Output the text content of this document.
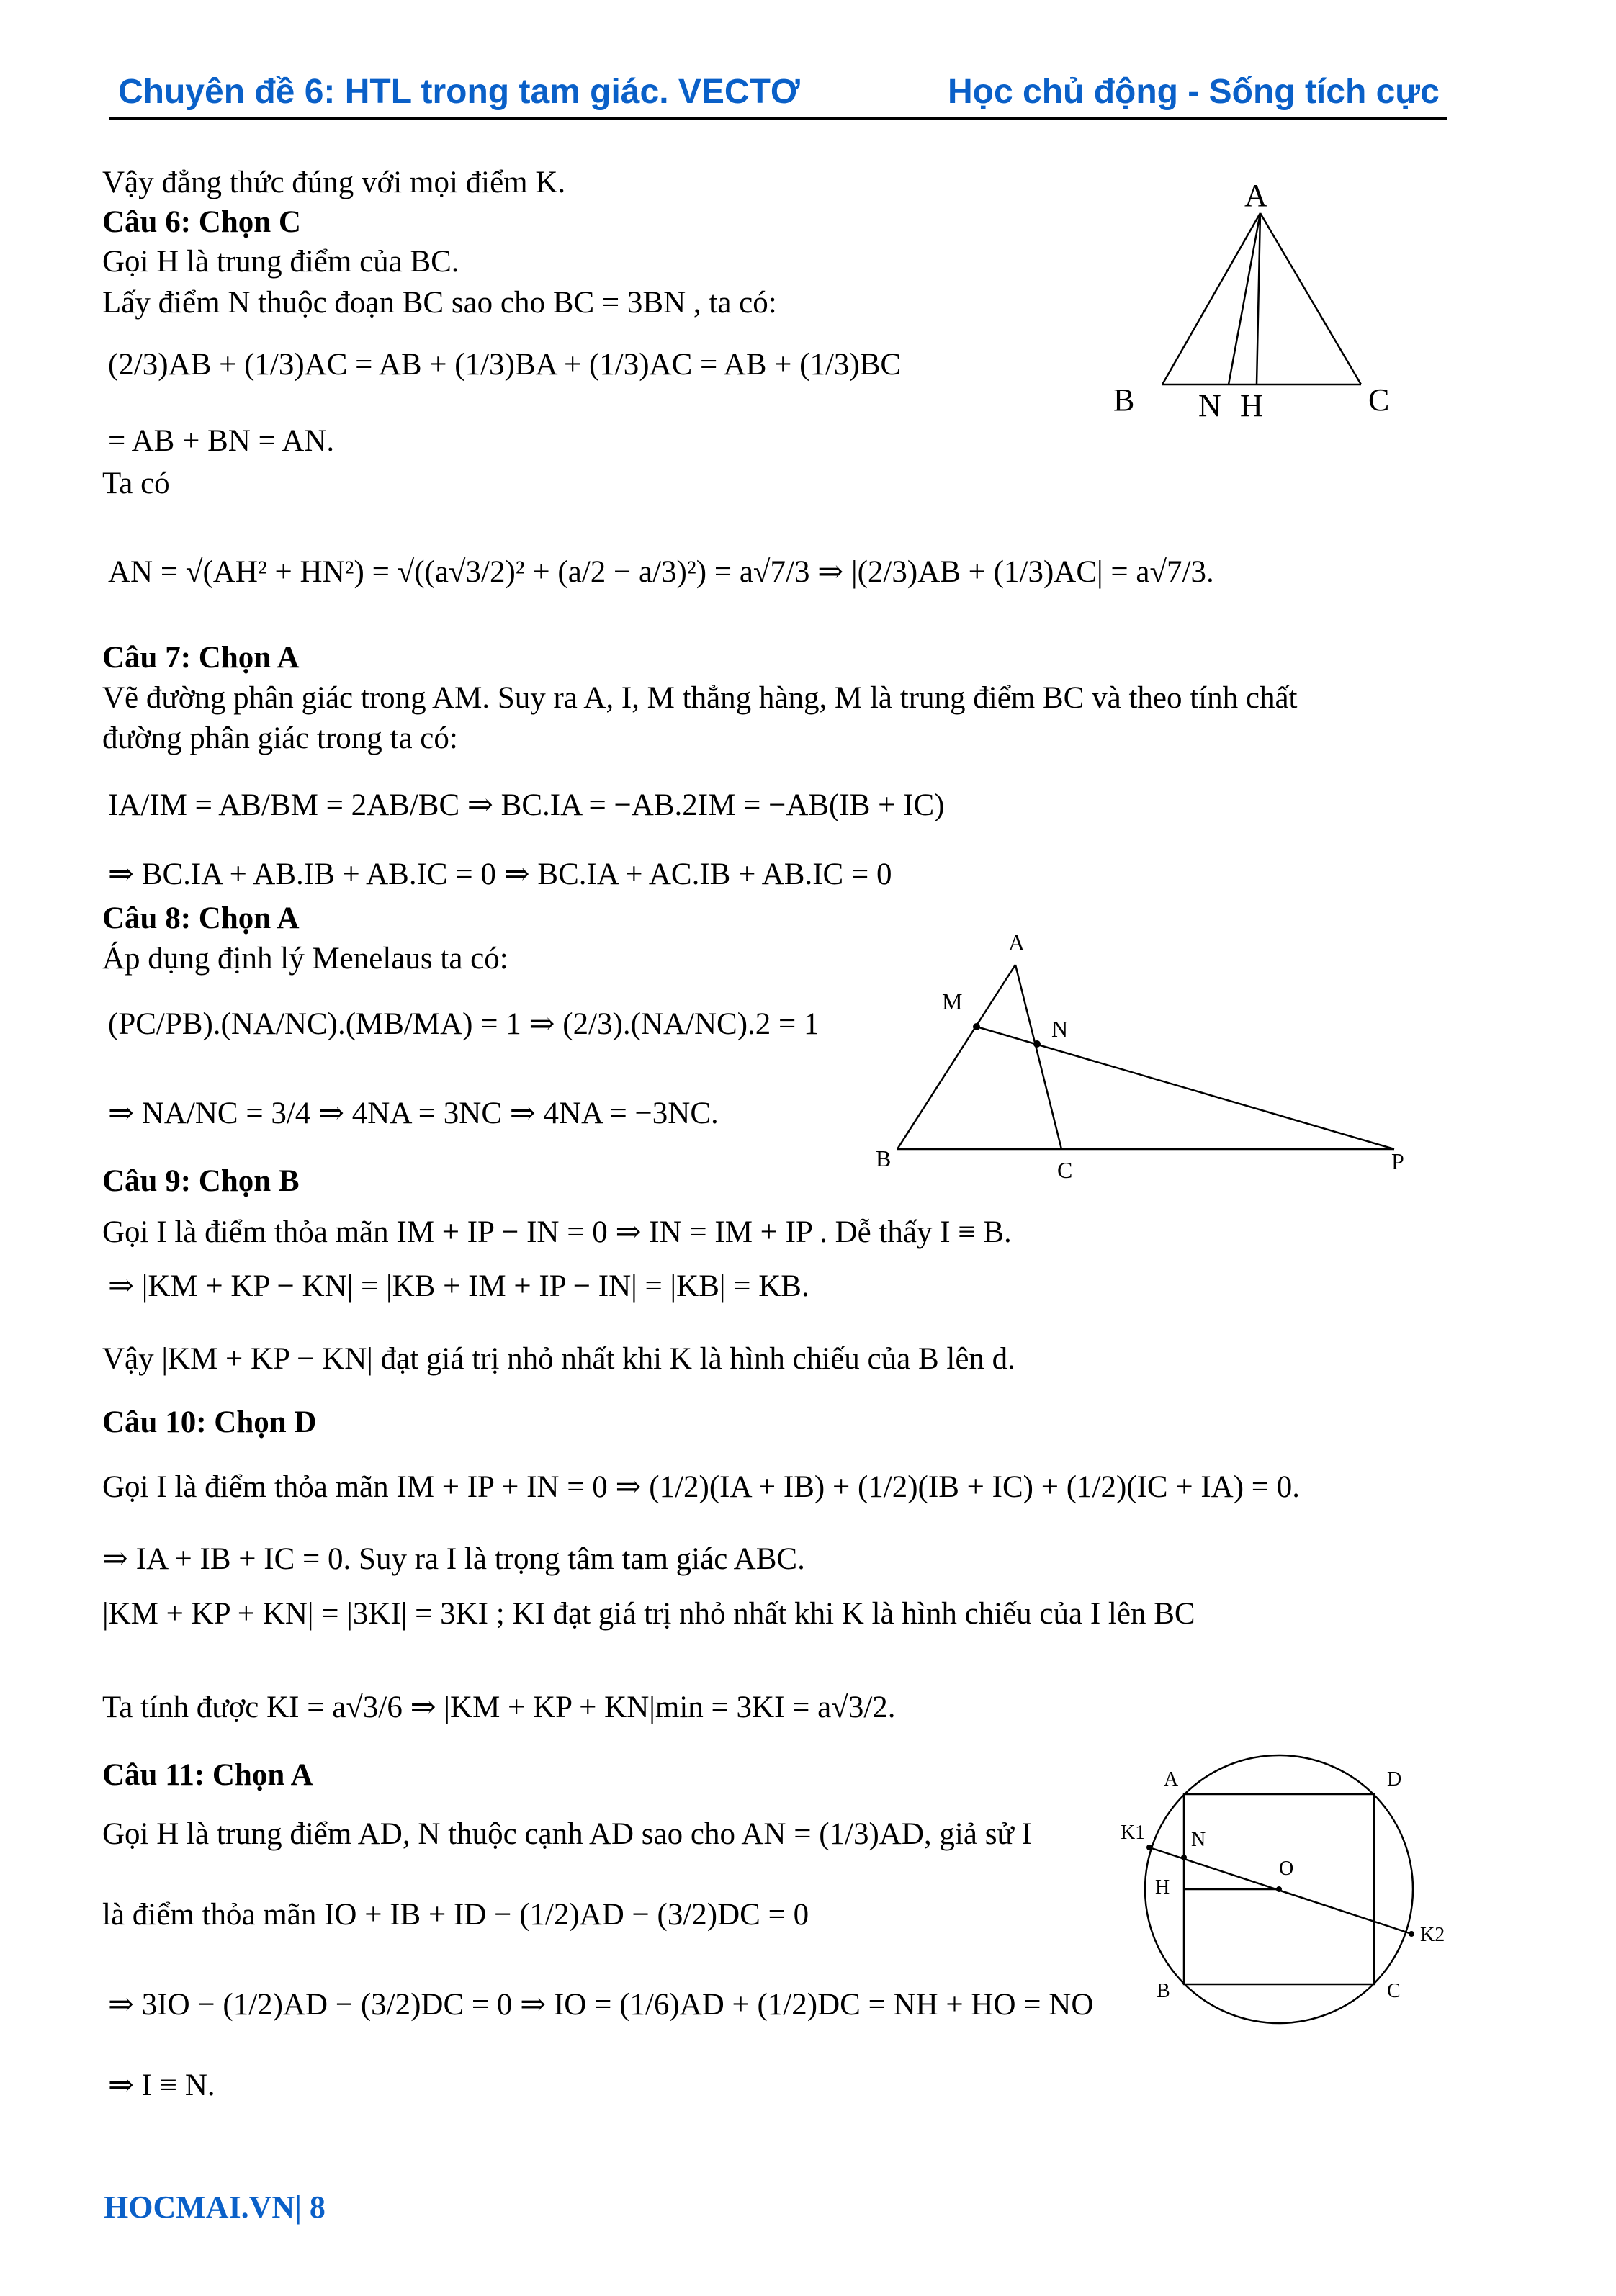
Chuyên đề 6: HTL trong tam giác. VECTƠ	Học chủ động - Sống tích cực
Vậy đẳng thức đúng với mọi điểm K.
Câu 6: Chọn C
Gọi H là trung điểm của BC.
Lấy điểm N thuộc đoạn BC sao cho BC = 3BN , ta có:
(2/3)AB + (1/3)AC = AB + (1/3)BA + (1/3)AC = AB + (1/3)BC
= AB + BN = AN.
Ta có
AN = √(AH² + HN²) = √((a√3/2)² + (a/2 − a/3)²) = a√7/3 ⇒ |(2/3)AB + (1/3)AC| = a√7/3.
Câu 7: Chọn A
Vẽ đường phân giác trong AM. Suy ra A, I, M thẳng hàng, M là trung điểm BC và theo tính chất
đường phân giác trong ta có:
IA/IM = AB/BM = 2AB/BC ⇒ BC.IA = −AB.2IM = −AB(IB + IC)
⇒ BC.IA + AB.IB + AB.IC = 0 ⇒ BC.IA + AC.IB + AB.IC = 0
Câu 8: Chọn A
Áp dụng định lý Menelaus ta có:
(PC/PB).(NA/NC).(MB/MA) = 1 ⇒ (2/3).(NA/NC).2 = 1
⇒ NA/NC = 3/4 ⇒ 4NA = 3NC ⇒ 4NA = −3NC.
Câu 9: Chọn B
Gọi I là điểm thỏa mãn IM + IP − IN = 0 ⇒ IN = IM + IP . Dễ thấy I ≡ B.
⇒ |KM + KP − KN| = |KB + IM + IP − IN| = |KB| = KB.
Vậy |KM + KP − KN| đạt giá trị nhỏ nhất khi K là hình chiếu của B lên d.
Câu 10: Chọn D
Gọi I là điểm thỏa mãn IM + IP + IN = 0 ⇒ (1/2)(IA + IB) + (1/2)(IB + IC) + (1/2)(IC + IA) = 0.
⇒ IA + IB + IC = 0. Suy ra I là trọng tâm tam giác ABC.
|KM + KP + KN| = |3KI| = 3KI ; KI đạt giá trị nhỏ nhất khi K là hình chiếu của I lên BC
Ta tính được KI = a√3/6 ⇒ |KM + KP + KN|min = 3KI = a√3/2.
Câu 11: Chọn A
Gọi H là trung điểm AD, N thuộc cạnh AD sao cho AN = (1/3)AD, giả sử I
là điểm thỏa mãn IO + IB + ID − (1/2)AD − (3/2)DC = 0
⇒ 3IO − (1/2)AD − (3/2)DC = 0 ⇒ IO = (1/6)AD + (1/2)DC = NH + HO = NO
⇒ I ≡ N.
HOCMAI.VN| 8
A
B N H	C
A
M
N
B	C	P
A	D
K1 N
O
H
K2
B	C
